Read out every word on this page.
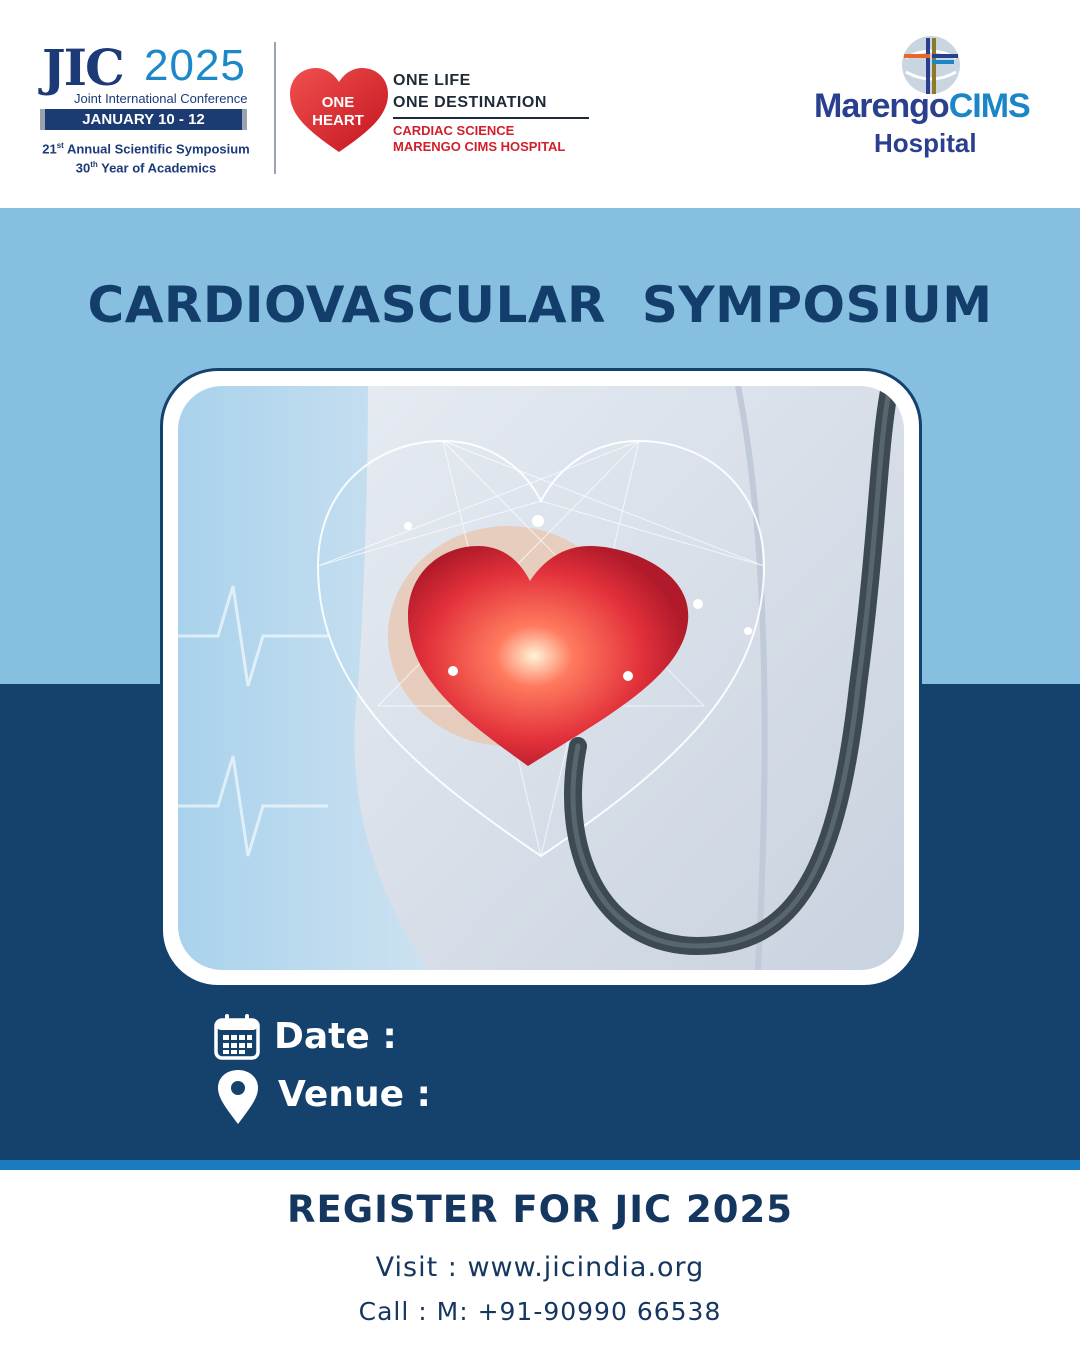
JIC 2025
Joint International Conference
JANUARY 10 - 12
21st Annual Scientific Symposium
30th Year of Academics
ONE
HEART
ONE LIFE
ONE DESTINATION
CARDIAC SCIENCE
MARENGO CIMS HOSPITAL
MarengoCIMS
Hospital
CARDIOVASCULAR  SYMPOSIUM
Date :
Venue :
REGISTER FOR JIC 2025
Visit : www.jicindia.org
Call : M: +91-90990 66538
